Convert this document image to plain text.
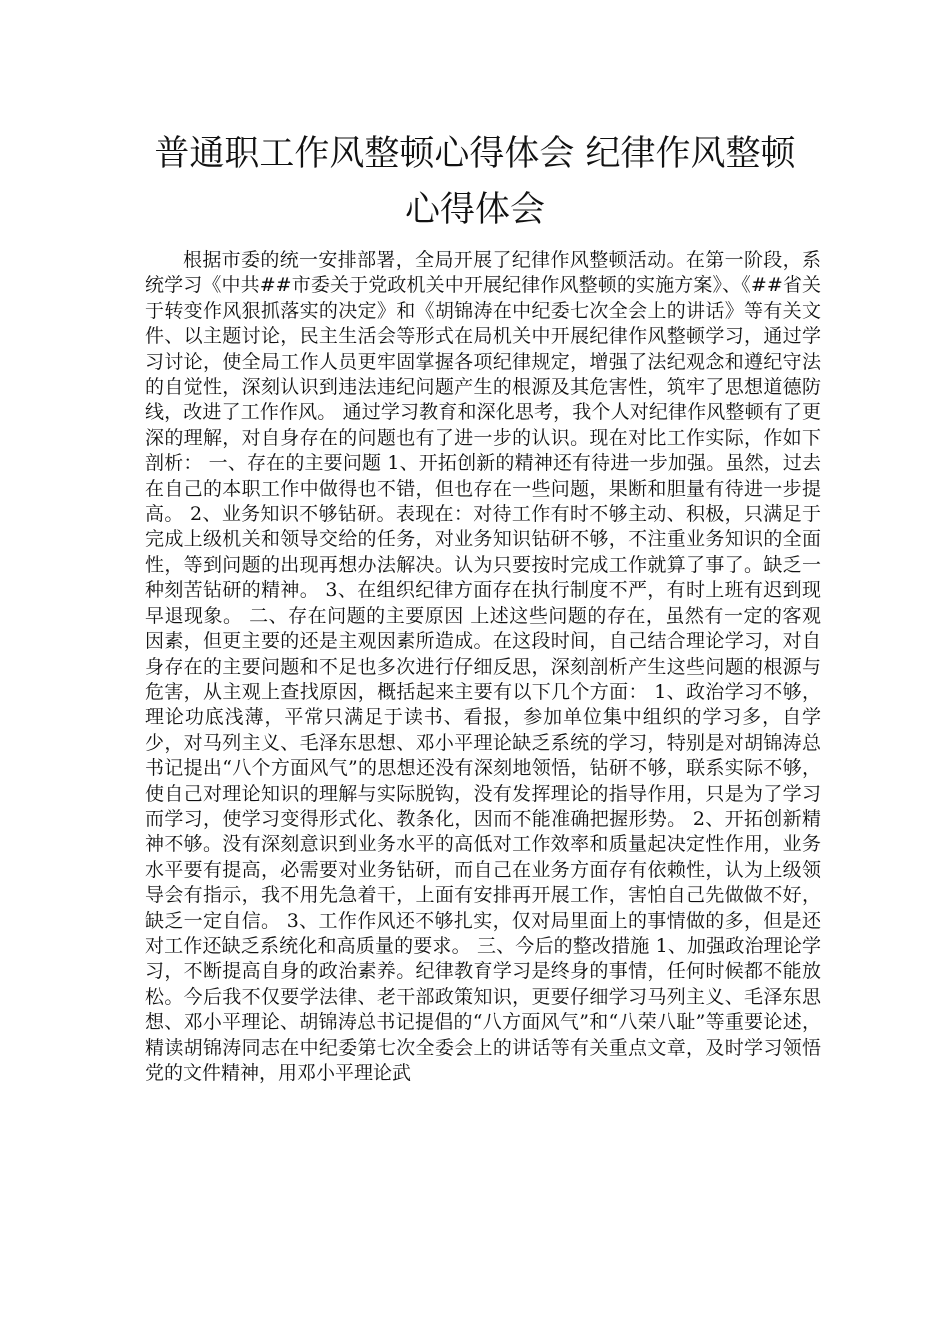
普通职工作风整顿心得体会 纪律作风整顿
心得体会

根据市委的统一安排部署，全局开展了纪律作风整顿活动。在第一阶段，系统学习《中共##市委关于党政机关中开展纪律作风整顿的实施方案》、《##省关于转变作风狠抓落实的决定》和《胡锦涛在中纪委七次全会上的讲话》等有关文件、以主题讨论，民主生活会等形式在局机关中开展纪律作风整顿学习，通过学习讨论，使全局工作人员更牢固掌握各项纪律规定，增强了法纪观念和遵纪守法的自觉性，深刻认识到违法违纪问题产生的根源及其危害性，筑牢了思想道德防线，改进了工作作风。 通过学习教育和深化思考，我个人对纪律作风整顿有了更深的理解，对自身存在的问题也有了进一步的认识。现在对比工作实际，作如下剖析： 一、存在的主要问题 1、开拓创新的精神还有待进一步加强。虽然，过去在自己的本职工作中做得也不错，但也存在一些问题，果断和胆量有待进一步提高。 2、业务知识不够钻研。表现在：对待工作有时不够主动、积极，只满足于完成上级机关和领导交给的任务，对业务知识钻研不够，不注重业务知识的全面性，等到问题的出现再想办法解决。认为只要按时完成工作就算了事了。缺乏一种刻苦钻研的精神。 3、在组织纪律方面存在执行制度不严，有时上班有迟到现早退现象。 二、存在问题的主要原因 上述这些问题的存在，虽然有一定的客观因素，但更主要的还是主观因素所造成。在这段时间，自己结合理论学习，对自身存在的主要问题和不足也多次进行仔细反思，深刻剖析产生这些问题的根源与危害，从主观上查找原因，概括起来主要有以下几个方面： 1、政治学习不够，理论功底浅薄，平常只满足于读书、看报，参加单位集中组织的学习多，自学少，对马列主义、毛泽东思想、邓小平理论缺乏系统的学习，特别是对胡锦涛总书记提出“八个方面风气”的思想还没有深刻地领悟，钻研不够，联系实际不够，使自己对理论知识的理解与实际脱钩，没有发挥理论的指导作用，只是为了学习而学习，使学习变得形式化、教条化，因而不能准确把握形势。 2、开拓创新精神不够。没有深刻意识到业务水平的高低对工作效率和质量起决定性作用，业务水平要有提高，必需要对业务钻研，而自己在业务方面存有依赖性，认为上级领导会有指示，我不用先急着干，上面有安排再开展工作，害怕自己先做做不好，缺乏一定自信。 3、工作作风还不够扎实，仅对局里面上的事情做的多，但是还对工作还缺乏系统化和高质量的要求。 三、今后的整改措施 1、加强政治理论学习，不断提高自身的政治素养。纪律教育学习是终身的事情，任何时候都不能放松。今后我不仅要学法律、老干部政策知识，更要仔细学习马列主义、毛泽东思想、邓小平理论、胡锦涛总书记提倡的“八方面风气”和“八荣八耻”等重要论述，精读胡锦涛同志在中纪委第七次全委会上的讲话等有关重点文章，及时学习领悟党的文件精神，用邓小平理论武
